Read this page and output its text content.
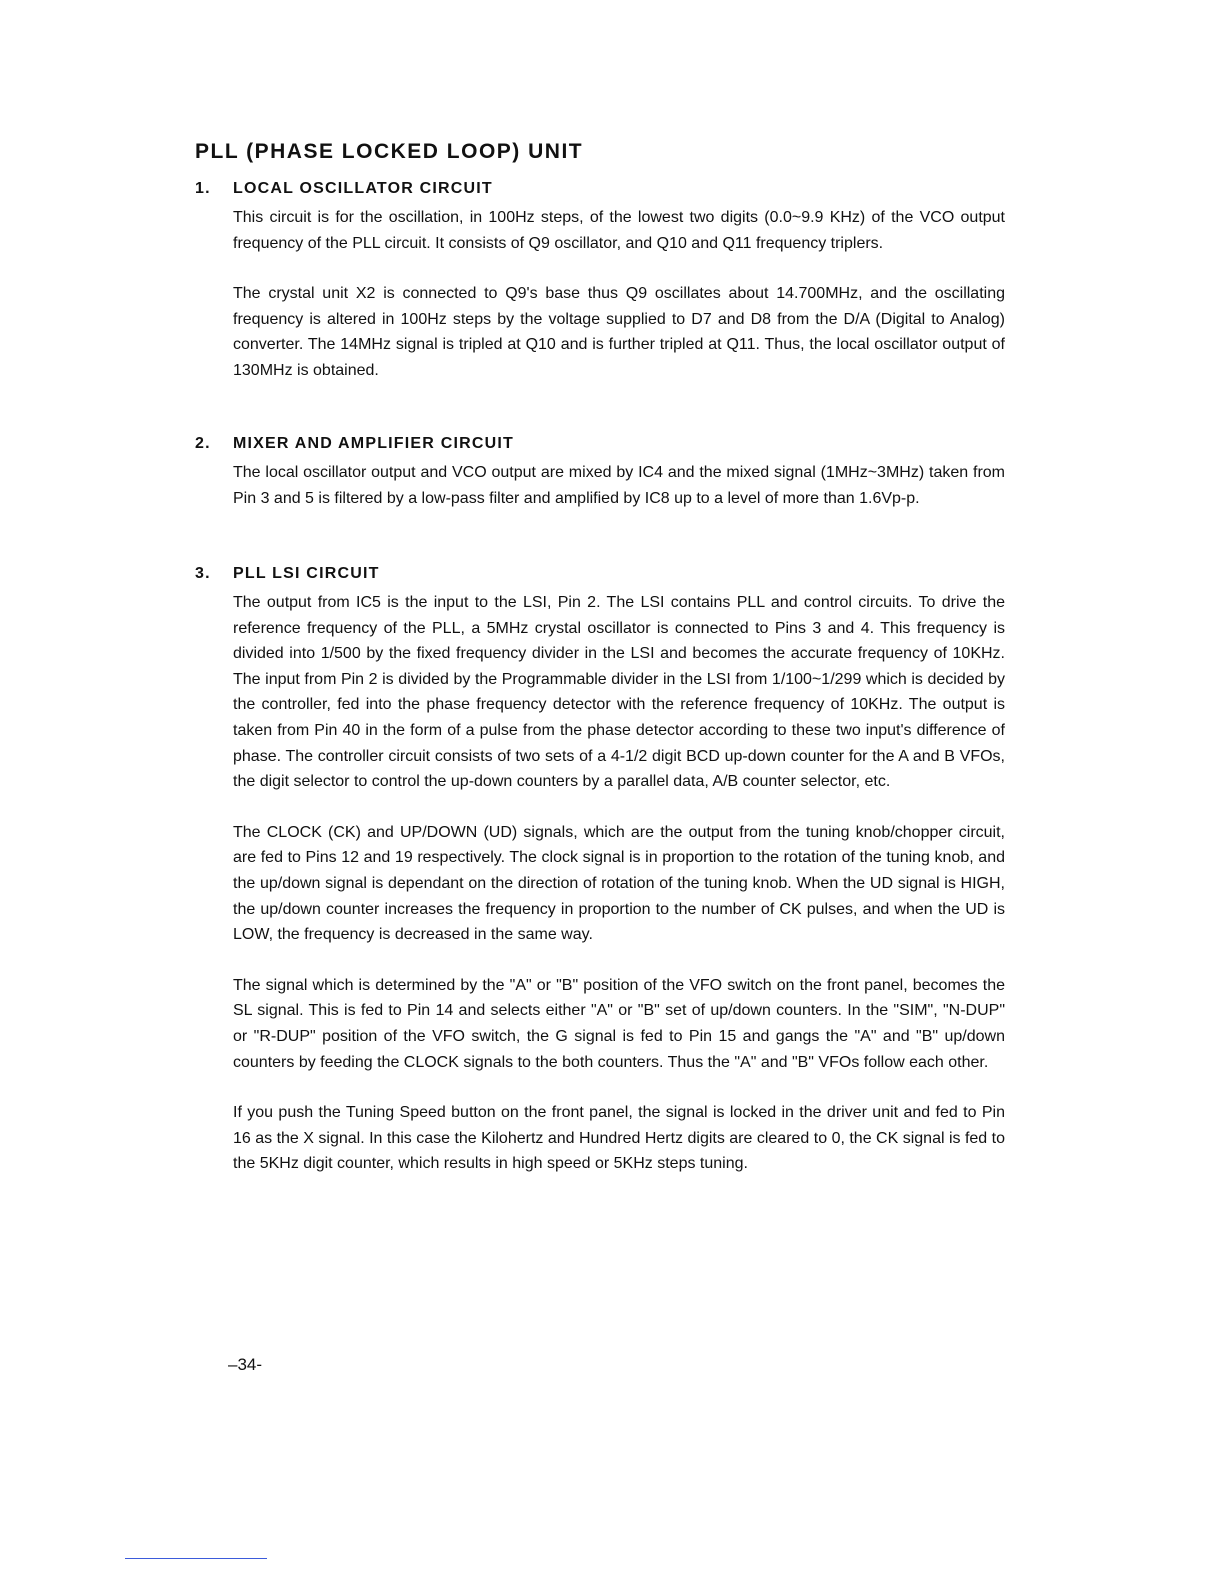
PLL (PHASE LOCKED LOOP) UNIT
1.	LOCAL OSCILLATOR CIRCUIT

This circuit is for the oscillation, in 100Hz steps, of the lowest two digits (0.0~9.9 KHz) of the VCO output frequency of the PLL circuit. It consists of Q9 oscillator, and Q10 and Q11 frequency triplers.

The crystal unit X2 is connected to Q9's base thus Q9 oscillates about 14.700MHz, and the oscillating frequency is altered in 100Hz steps by the voltage supplied to D7 and D8 from the D/A (Digital to Analog) converter. The 14MHz signal is tripled at Q10 and is further tripled at Q11. Thus, the local oscillator output of 130MHz is obtained.

2.	MIXER AND AMPLIFIER CIRCUIT

The local oscillator output and VCO output are mixed by IC4 and the mixed signal (1MHz~3MHz) taken from Pin 3 and 5 is filtered by a low-pass filter and amplified by IC8 up to a level of more than 1.6Vp-p.

3.	PLL LSI CIRCUIT

The output from IC5 is the input to the LSI, Pin 2. The LSI contains PLL and control circuits. To drive the reference frequency of the PLL, a 5MHz crystal oscillator is connected to Pins 3 and 4. This frequency is divided into 1/500 by the fixed frequency divider in the LSI and becomes the accurate frequency of 10KHz. The input from Pin 2 is divided by the Programmable divider in the LSI from 1/100~1/299 which is decided by the controller, fed into the phase frequency detector with the reference frequency of 10KHz. The output is taken from Pin 40 in the form of a pulse from the phase detector according to these two input's difference of phase. The controller circuit consists of two sets of a 4-1/2 digit BCD up-down counter for the A and B VFOs, the digit selector to control the up-down counters by a parallel data, A/B counter selector, etc.

The CLOCK (CK) and UP/DOWN (UD) signals, which are the output from the tuning knob/chopper circuit, are fed to Pins 12 and 19 respectively. The clock signal is in proportion to the rotation of the tuning knob, and the up/down signal is dependant on the direction of rotation of the tuning knob. When the UD signal is HIGH, the up/down counter increases the frequency in proportion to the number of CK pulses, and when the UD is LOW, the frequency is decreased in the same way.

The signal which is determined by the "A" or "B" position of the VFO switch on the front panel, becomes the SL signal. This is fed to Pin 14 and selects either "A" or "B" set of up/down counters. In the "SIM", "N-DUP" or "R-DUP" position of the VFO switch, the G signal is fed to Pin 15 and gangs the "A" and "B" up/down counters by feeding the CLOCK signals to the both counters. Thus the "A" and "B" VFOs follow each other.

If you push the Tuning Speed button on the front panel, the signal is locked in the driver unit and fed to Pin 16 as the X signal. In this case the Kilohertz and Hundred Hertz digits are cleared to 0, the CK signal is fed to the 5KHz digit counter, which results in high speed or 5KHz steps tuning.

–34-
